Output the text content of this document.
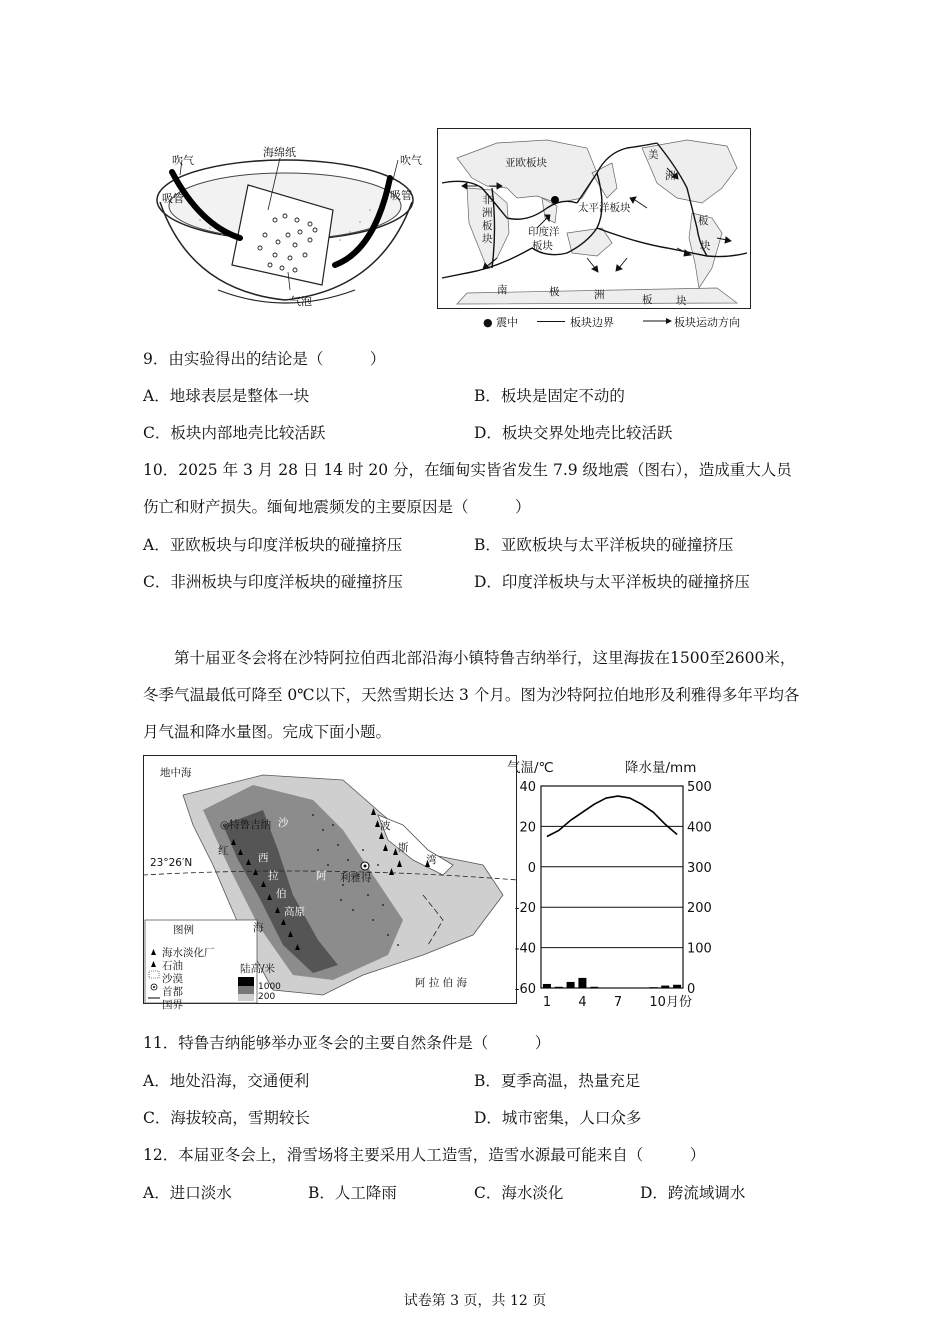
吹气
吸管
海绵纸
吹气
吸管
气泡
亚欧板块
美
洲
非
洲
板
块
太平洋板块
印度洋
板块
板
块
南	极	洲	板 块
● 震中	板块边界	板块运动方向
9．由实验得出的结论是（　　　）
A．地球表层是整体一块	B．板块是固定不动的
C．板块内部地壳比较活跃	D．板块交界处地壳比较活跃
10．2025 年 3 月 28 日 14 时 20 分，在缅甸实皆省发生 7.9 级地震（图右），造成重大人员
伤亡和财产损失。缅甸地震频发的主要原因是（　　　）
A．亚欧板块与印度洋板块的碰撞挤压	B．亚欧板块与太平洋板块的碰撞挤压
C．非洲板块与印度洋板块的碰撞挤压	D．印度洋板块与太平洋板块的碰撞挤压
第十届亚冬会将在沙特阿拉伯西北部沿海小镇特鲁吉纳举行，这里海拔在1500至2600米，冬季气温最低可降至 0℃以下，天然雪期长达 3 个月。图为沙特阿拉伯地形及利雅得多年平均各月气温和降水量图。完成下面小题。
地中海
◎特鲁吉纳 沙
红
海
23°26′N
波
斯
湾
西
拉
伯
高原
阿 利雅得
阿 拉 伯 海
图例
海水淡化厂
石油
沙漠
首都
国界
陆高/米
1000
200
40
20
0
-20
-40
-60
500
400
300
200
100
0
气温/℃	降水量/mm
1 4 7 10月份
11．特鲁吉纳能够举办亚冬会的主要自然条件是（　　　）
A．地处沿海，交通便利	B．夏季高温，热量充足
C．海拔较高，雪期较长	D．城市密集，人口众多
12．本届亚冬会上，滑雪场将主要采用人工造雪，造雪水源最可能来自（　　　）
A．进口淡水	B．人工降雨	C．海水淡化	D．跨流域调水
试卷第 3 页，共 12 页
